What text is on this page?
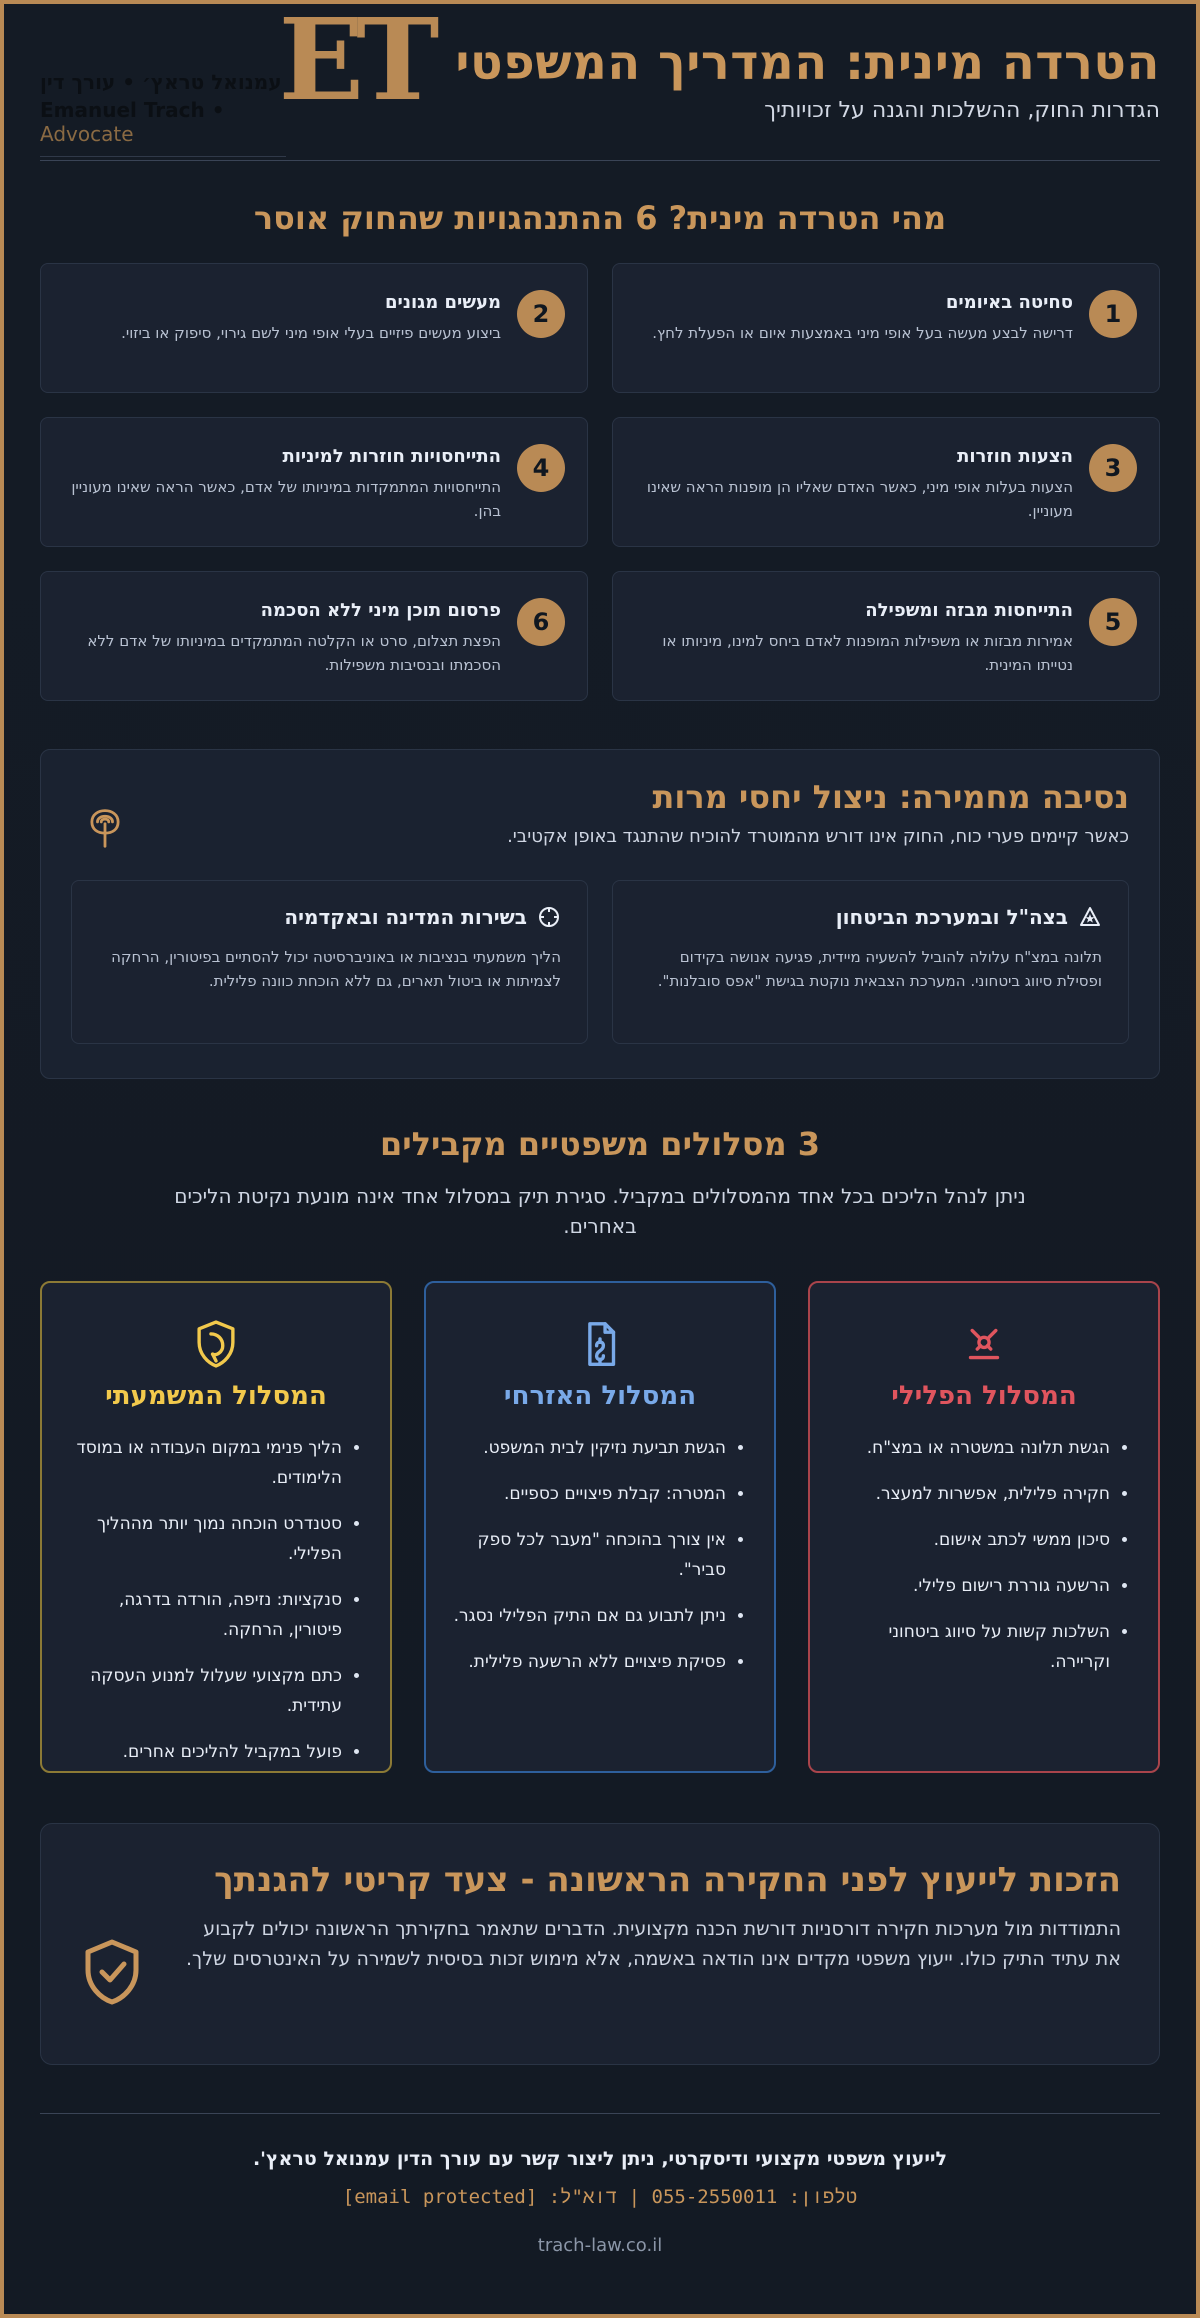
הטרדה מינית: המדריך המשפטי
הגדרות החוק, ההשלכות והגנה על זכויותיך
עמנואל טראץ׳ • עורך דין
Emanuel Trach • Advocate
ET
מהי הטרדה מינית? 6 ההתנהגויות שהחוק אוסר
1
סחיטה באיומים
דרישה לבצע מעשה בעל אופי מיני באמצעות איום או הפעלת לחץ.
2
מעשים מגונים
ביצוע מעשים פיזיים בעלי אופי מיני לשם גירוי, סיפוק או ביזוי.
3
הצעות חוזרות
הצעות בעלות אופי מיני, כאשר האדם שאליו הן מופנות הראה שאינו מעוניין.
4
התייחסויות חוזרות למיניות
התייחסויות המתמקדות במיניותו של אדם, כאשר הראה שאינו מעוניין בהן.
5
התייחסות מבזה ומשפילה
אמירות מבזות או משפילות המופנות לאדם ביחס למינו, מיניותו או נטייתו המינית.
6
פרסום תוכן מיני ללא הסכמה
הפצת תצלום, סרט או הקלטה המתמקדים במיניותו של אדם ללא הסכמתו ובנסיבות משפילות.
נסיבה מחמירה: ניצול יחסי מרות
כאשר קיימים פערי כוח, החוק אינו דורש מהמוטרד להוכיח שהתנגד באופן אקטיבי.
בצה"ל ובמערכת הביטחון
תלונה במצ"ח עלולה להוביל להשעיה מיידית, פגיעה אנושה בקידום ופסילת סיווג ביטחוני. המערכת הצבאית נוקטת בגישת "אפס סובלנות".
בשירות המדינה ובאקדמיה
הליך משמעתי בנציבות או באוניברסיטה יכול להסתיים בפיטורין, הרחקה לצמיתות או ביטול תארים, גם ללא הוכחת כוונה פלילית.
3 מסלולים משפטיים מקבילים
ניתן לנהל הליכים בכל אחד מהמסלולים במקביל. סגירת תיק במסלול אחד אינה מונעת נקיטת הליכים באחרים.
המסלול הפלילי
• הגשת תלונה במשטרה או במצ"ח.
• חקירה פלילית, אפשרות למעצר.
• סיכון ממשי לכתב אישום.
• הרשעה גוררת רישום פלילי.
• השלכות קשות על סיווג ביטחוני וקריירה.
המסלול האזרחי
• הגשת תביעת נזיקין לבית המשפט.
• המטרה: קבלת פיצויים כספיים.
• אין צורך בהוכחה "מעבר לכל ספק סביר".
• ניתן לתבוע גם אם התיק הפלילי נסגר.
• פסיקת פיצויים ללא הרשעה פלילית.
המסלול המשמעתי
• הליך פנימי במקום העבודה או במוסד הלימודים.
• סטנדרט הוכחה נמוך יותר מההליך הפלילי.
• סנקציות: נזיפה, הורדה בדרגה, פיטורין, הרחקה.
• כתם מקצועי שעלול למנוע העסקה עתידית.
• פועל במקביל להליכים אחרים.
הזכות לייעוץ לפני החקירה הראשונה - צעד קריטי להגנתך
התמודדות מול מערכות חקירה דורסניות דורשת הכנה מקצועית. הדברים שתאמר בחקירתך הראשונה יכולים לקבוע את עתיד התיק כולו. ייעוץ משפטי מקדים אינו הודאה באשמה, אלא מימוש זכות בסיסית לשמירה על האינטרסים שלך.
לייעוץ משפטי מקצועי ודיסקרטי, ניתן ליצור קשר עם עורך הדין עמנואל טראץ'.
טלפון: 055-2550011 | דוא"ל: [email protected]
trach-law.co.il
